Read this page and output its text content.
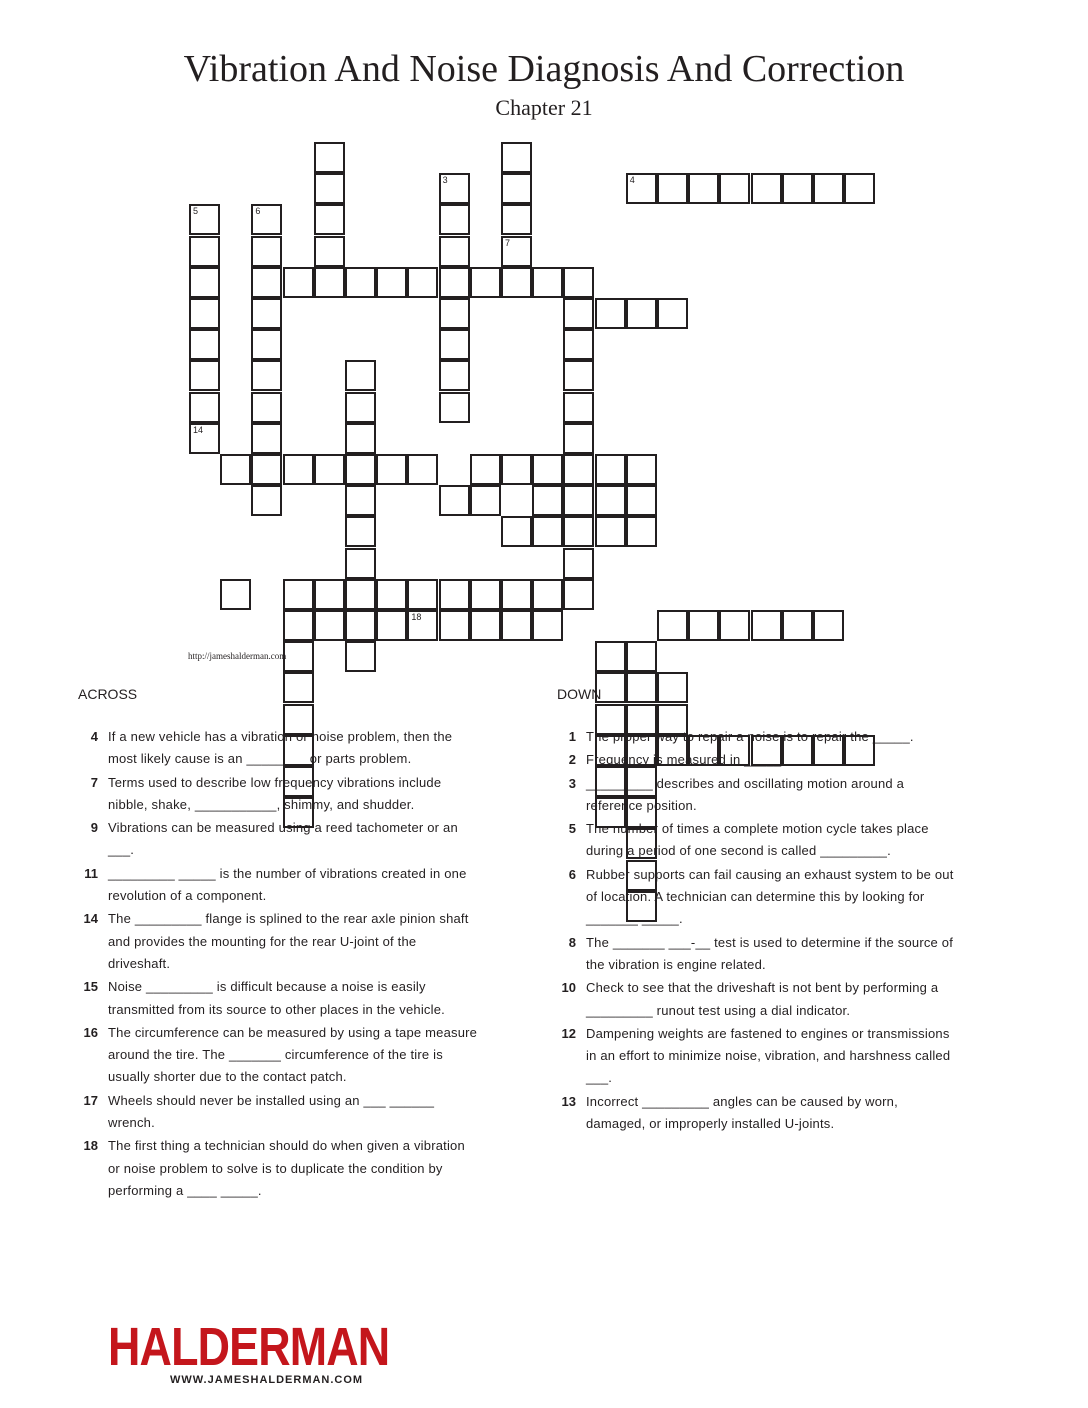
Vibration And Noise Diagnosis And Correction
Chapter 21
7
4
3
5
14
6
18
http://jameshalderman.com
ACROSS	DOWN
4 If a new vehicle has a vibration or noise problem, then the most likely cause is an ________ or parts problem.
7 Terms used to describe low frequency vibrations include nibble, shake, ___________, shimmy, and shudder.
9 Vibrations can be measured using a reed tachometer or an ___.
11 _________ _____ is the number of vibrations created in one revolution of a component.
14 The _________ flange is splined to the rear axle pinion shaft and provides the mounting for the rear U-joint of the driveshaft.
15 Noise _________ is difficult because a noise is easily transmitted from its source to other places in the vehicle.
16 The circumference can be measured by using a tape measure around the tire. The _______ circumference of the tire is usually shorter due to the contact patch.
17 Wheels should never be installed using an ___ ______ wrench.
18 The first thing a technician should do when given a vibration or noise problem to solve is to duplicate the condition by performing a ____ _____.
1 The proper way to repair a noise is to repair the _____.
2 Frequency is measured in _____.
3 _________ describes and oscillating motion around a reference position.
5 The number of times a complete motion cycle takes place during a period of one second is called _________.
6 Rubber supports can fail causing an exhaust system to be out of location. A technician can determine this by looking for _______ _____.
8 The _______ ___-__ test is used to determine if the source of the vibration is engine related.
10 Check to see that the driveshaft is not bent by performing a _________ runout test using a dial indicator.
12 Dampening weights are fastened to engines or transmissions in an effort to minimize noise, vibration, and harshness called ___.
13 Incorrect _________ angles can be caused by worn, damaged, or improperly installed U-joints.
HALDERMAN
WWW.JAMESHALDERMAN.COM
